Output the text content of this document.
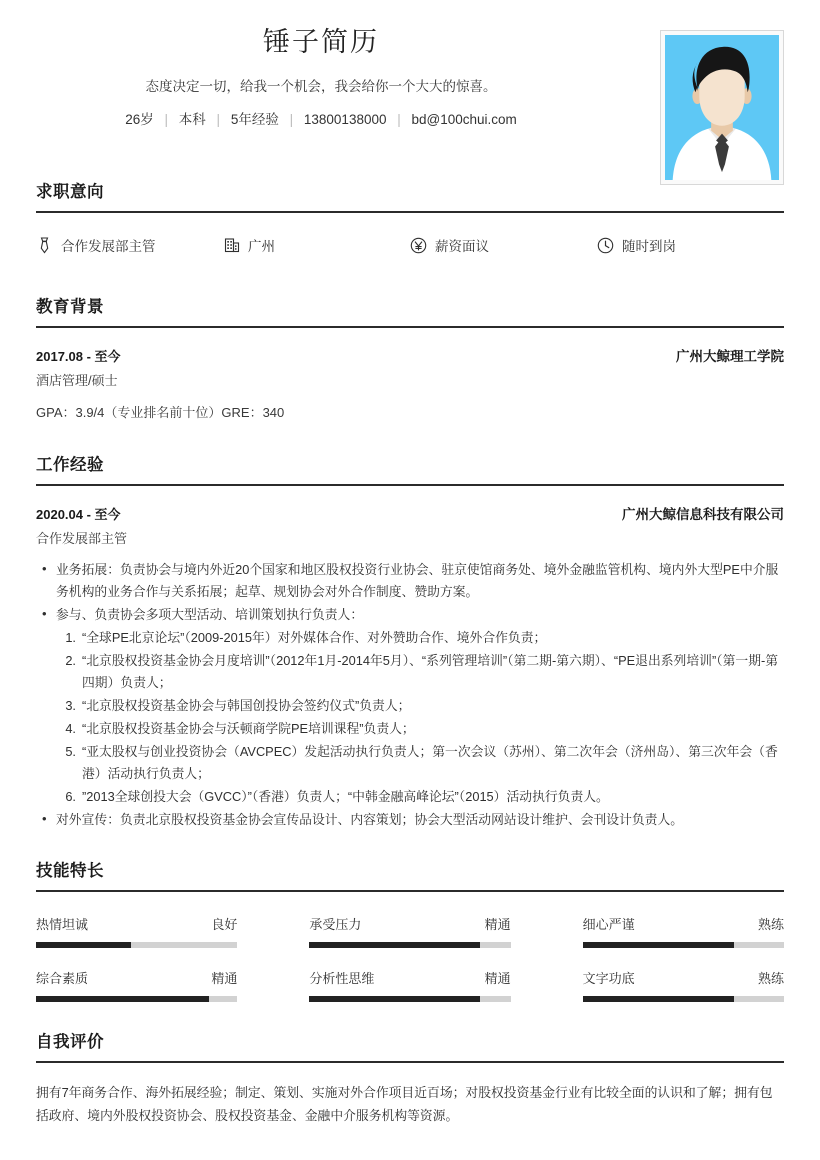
锤子简历
态度决定一切，给我一个机会，我会给你一个大大的惊喜。
26岁 | 本科 | 5年经验 | 13800138000 | bd@100chui.com
求职意向
合作发展部主管	广州	薪资面议	随时到岗
教育背景
2017.08 - 至今	广州大鲸理工学院
酒店管理/硕士
GPA：3.9/4（专业排名前十位）GRE：340
工作经验
2020.04 - 至今	广州大鲸信息科技有限公司
合作发展部主管
• 业务拓展：负责协会与境内外近20个国家和地区股权投资行业协会、驻京使馆商务处、境外金融监管机构、境内外大型PE中介服务机构的业务合作与关系拓展；起草、规划协会对外合作制度、赞助方案。
• 参与、负责协会多项大型活动、培训策划执行负责人：
1. “全球PE北京论坛”（2009-2015年）对外媒体合作、对外赞助合作、境外合作负责；
2. “北京股权投资基金协会月度培训”（2012年1月-2014年5月）、“系列管理培训”（第二期-第六期）、“PE退出系列培训”（第一期-第四期）负责人；
3. “北京股权投资基金协会与韩国创投协会签约仪式”负责人；
4. “北京股权投资基金协会与沃顿商学院PE培训课程”负责人；
5. “亚太股权与创业投资协会（AVCPEC）发起活动执行负责人；第一次会议（苏州）、第二次年会（济州岛）、第三次年会（香港）活动执行负责人；
6. ”2013全球创投大会（GVCC）”（香港）负责人；“中韩金融高峰论坛”（2015）活动执行负责人。
• 对外宣传：负责北京股权投资基金协会宣传品设计、内容策划；协会大型活动网站设计维护、会刊设计负责人。
技能特长
热情坦诚	良好	承受压力	精通	细心严谨	熟练
综合素质	精通	分析性思维	精通	文字功底	熟练
自我评价
拥有7年商务合作、海外拓展经验；制定、策划、实施对外合作项目近百场；对股权投资基金行业有比较全面的认识和了解；拥有包括政府、境内外股权投资协会、股权投资基金、金融中介服务机构等资源。
